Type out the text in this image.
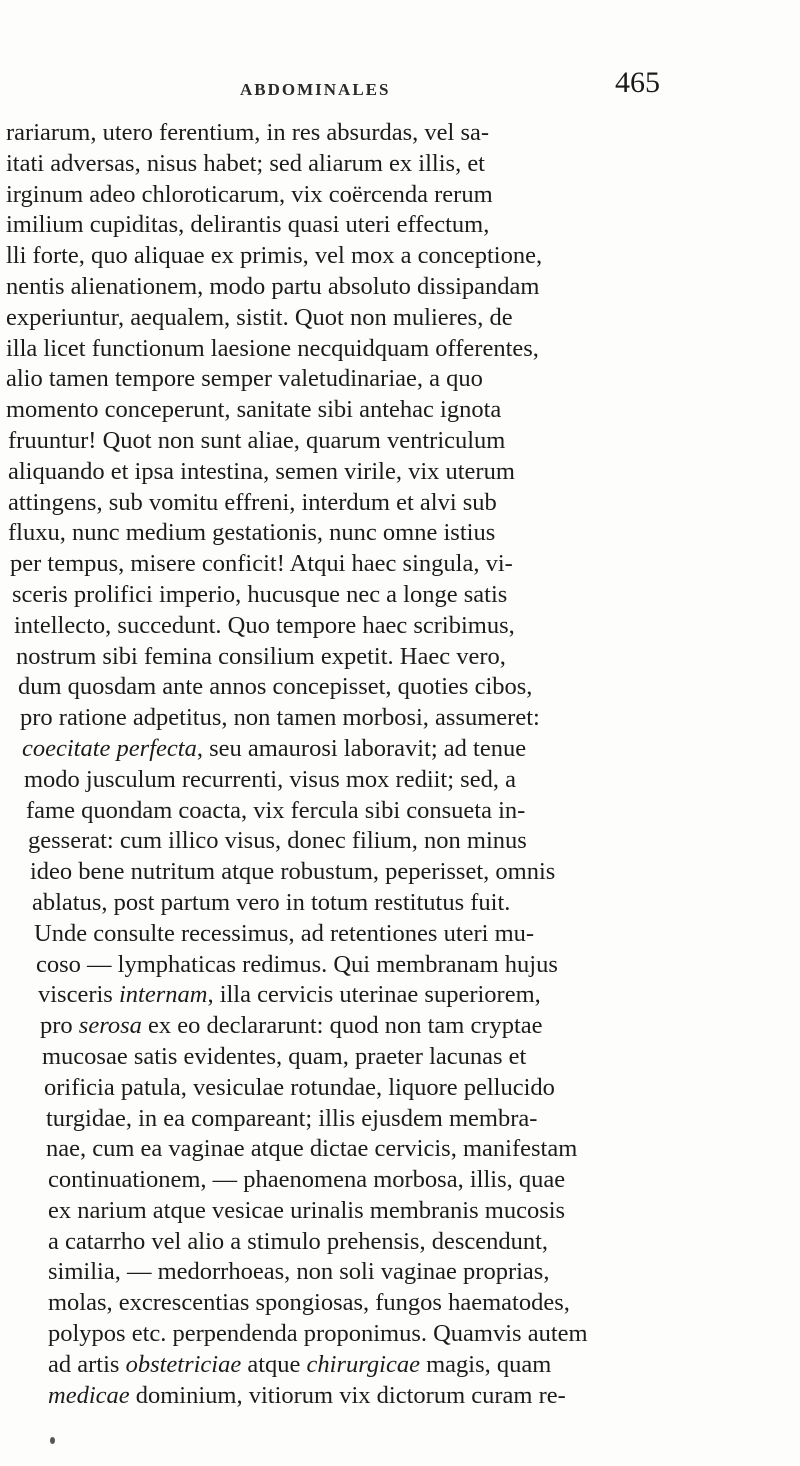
ABDOMINALES	465
rariarum, utero ferentium, in res absurdas, vel sa-
itati adversas, nisus habet; sed aliarum ex illis, et
irginum adeo chloroticarum, vix coërcenda rerum
imilium cupiditas, delirantis quasi uteri effectum,
lli forte, quo aliquae ex primis, vel mox a conceptione,
nentis alienationem, modo partu absoluto dissipandam
experiuntur, aequalem, sistit. Quot non mulieres, de
illa licet functionum laesione necquidquam offerentes,
alio tamen tempore semper valetudinariae, a quo
momento conceperunt, sanitate sibi antehac ignota
fruuntur! Quot non sunt aliae, quarum ventriculum
aliquando et ipsa intestina, semen virile, vix uterum
attingens, sub vomitu effreni, interdum et alvi sub
fluxu, nunc medium gestationis, nunc omne istius
per tempus, misere conficit! Atqui haec singula, vi-
sceris prolifici imperio, hucusque nec a longe satis
intellecto, succedunt. Quo tempore haec scribimus,
nostrum sibi femina consilium expetit. Haec vero,
dum quosdam ante annos concepisset, quoties cibos,
pro ratione adpetitus, non tamen morbosi, assumeret:
coecitate perfecta, seu amaurosi laboravit; ad tenue
modo jusculum recurrenti, visus mox rediit; sed, a
fame quondam coacta, vix fercula sibi consueta in-
gesserat: cum illico visus, donec filium, non minus
ideo bene nutritum atque robustum, peperisset, omnis
ablatus, post partum vero in totum restitutus fuit.
Unde consulte recessimus, ad retentiones uteri mu-
coso — lymphaticas redimus. Qui membranam hujus
visceris internam, illa cervicis uterinae superiorem,
pro serosa ex eo declararunt: quod non tam cryptae
mucosae satis evidentes, quam, praeter lacunas et
orificia patula, vesiculae rotundae, liquore pellucido
turgidae, in ea compareant; illis ejusdem membra-
nae, cum ea vaginae atque dictae cervicis, manifestam
continuationem, — phaenomena morbosa, illis, quae
ex narium atque vesicae urinalis membranis mucosis
a catarrho vel alio a stimulo prehensis, descendunt,
similia, — medorrhoeas, non soli vaginae proprias,
molas, excrescentias spongiosas, fungos haematodes,
polypos etc. perpendenda proponimus. Quamvis autem
ad artis obstetriciae atque chirurgicae magis, quam
medicae dominium, vitiorum vix dictorum curam re-
